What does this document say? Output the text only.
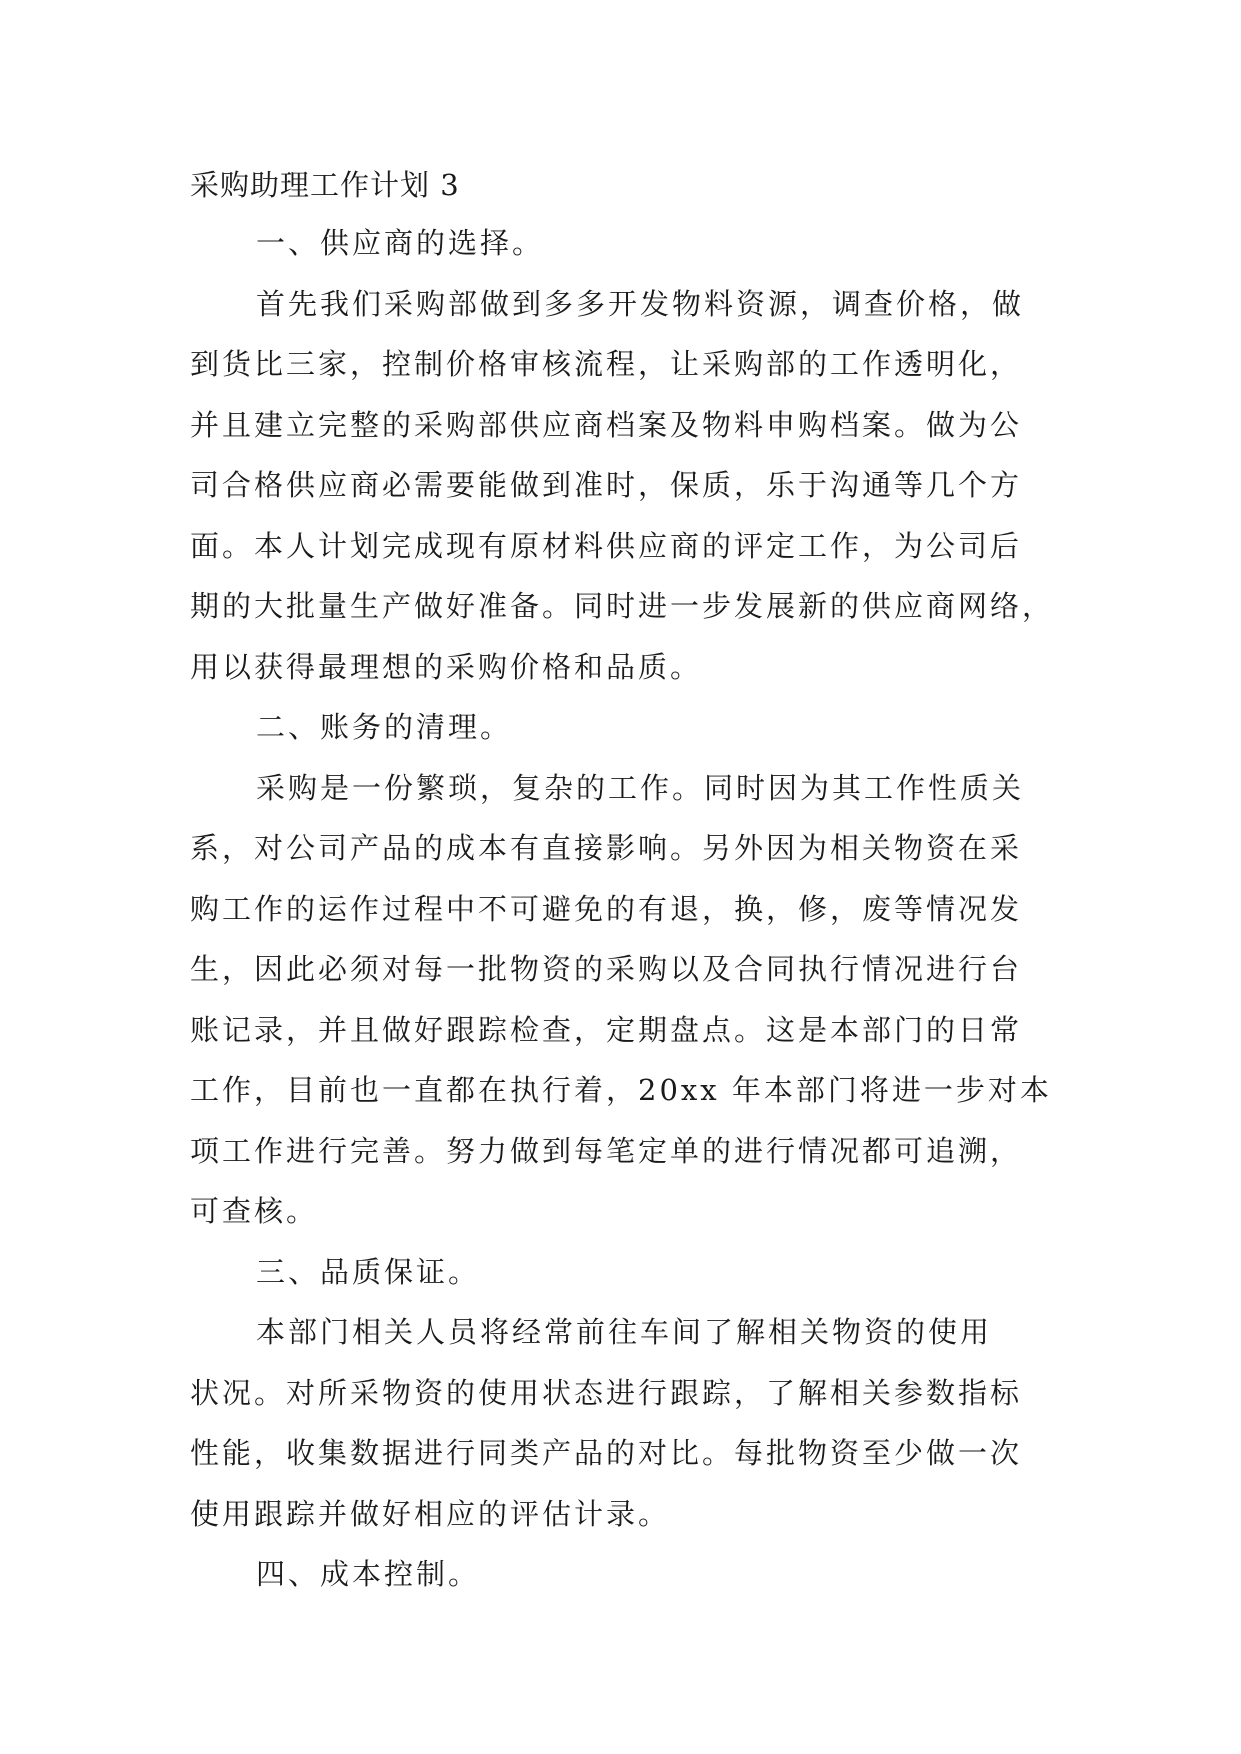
采购助理工作计划 3
一、供应商的选择。
首先我们采购部做到多多开发物料资源，调查价格，做
到货比三家，控制价格审核流程，让采购部的工作透明化，
并且建立完整的采购部供应商档案及物料申购档案。做为公
司合格供应商必需要能做到准时，保质，乐于沟通等几个方
面。本人计划完成现有原材料供应商的评定工作，为公司后
期的大批量生产做好准备。同时进一步发展新的供应商网络，
用以获得最理想的采购价格和品质。
二、账务的清理。
采购是一份繁琐，复杂的工作。同时因为其工作性质关
系，对公司产品的成本有直接影响。另外因为相关物资在采
购工作的运作过程中不可避免的有退，换，修，废等情况发
生，因此必须对每一批物资的采购以及合同执行情况进行台
账记录，并且做好跟踪检查，定期盘点。这是本部门的日常
工作，目前也一直都在执行着，20xx 年本部门将进一步对本
项工作进行完善。努力做到每笔定单的进行情况都可追溯，
可查核。
三、品质保证。
本部门相关人员将经常前往车间了解相关物资的使用
状况。对所采物资的使用状态进行跟踪，了解相关参数指标
性能，收集数据进行同类产品的对比。每批物资至少做一次
使用跟踪并做好相应的评估计录。
四、成本控制。
